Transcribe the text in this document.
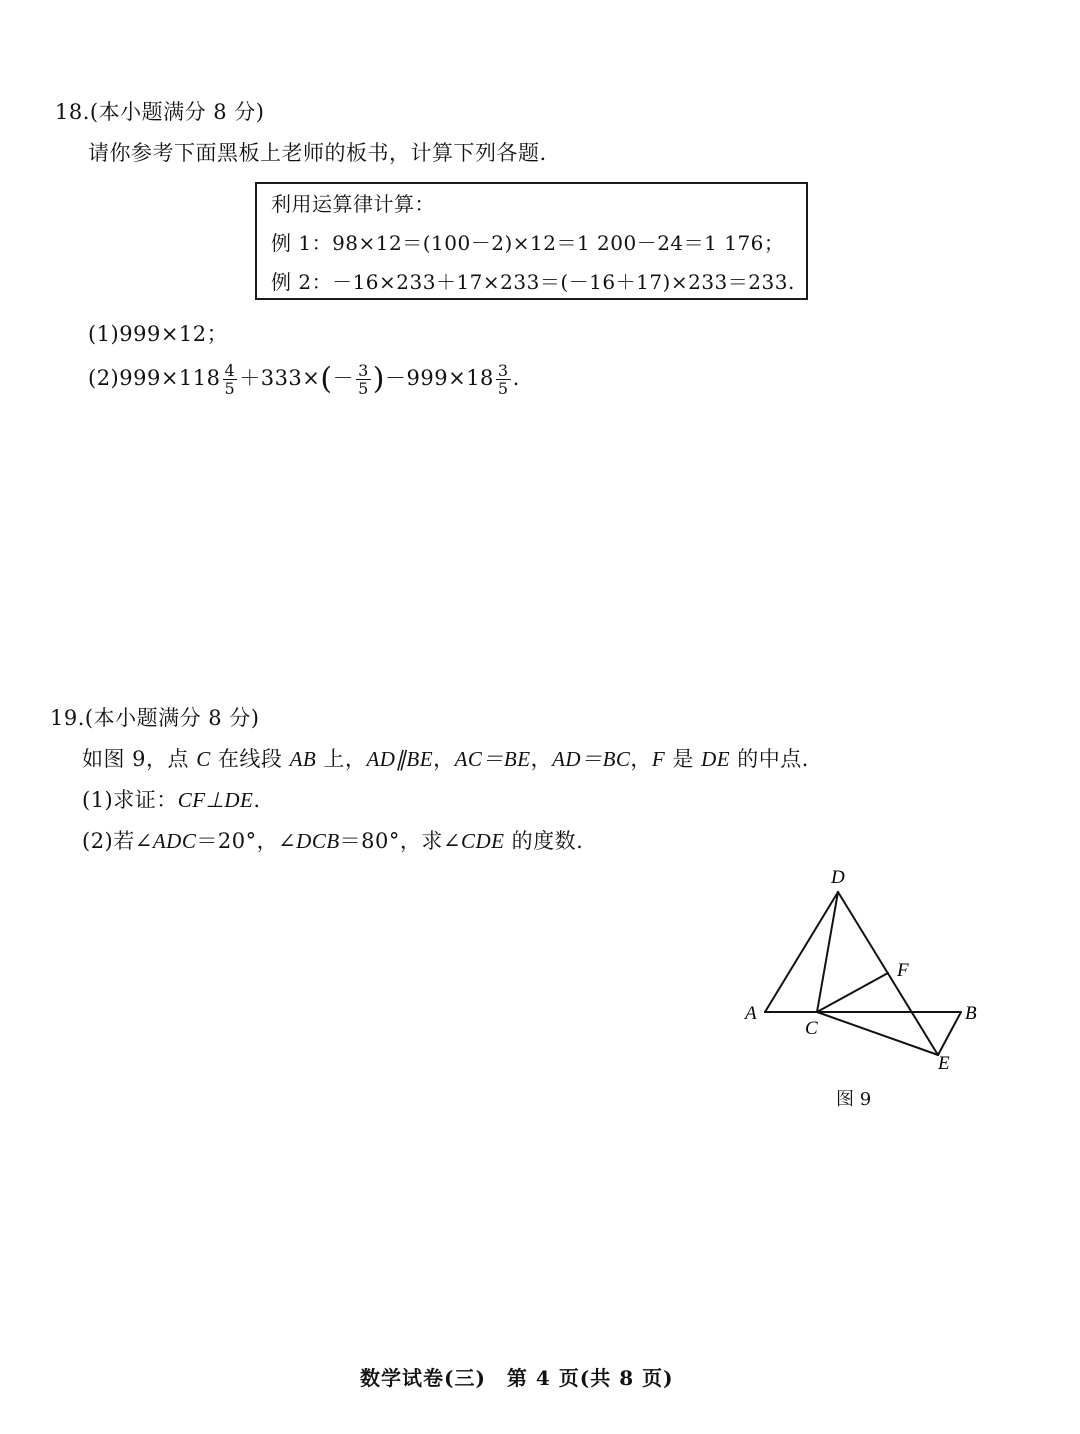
18.(本小题满分 8 分)
请你参考下面黑板上老师的板书，计算下列各题.
利用运算律计算：
例 1：98×12＝(100－2)×12＝1 200－24＝1 176；
例 2：－16×233＋17×233＝(－16＋17)×233＝233.
(1)999×12；
$(2)999\times 118 \frac{4}{5} +333\times(- \frac{3}{5} )-999\times 18 \frac{3}{5}$ .
19.(本小题满分 8 分)
如图 9，点 C 在线段 AB 上，AD∥BE，AC＝BE，AD＝BC，F 是 DE 的中点.
(1)求证：CF⊥DE.
(2)若∠ADC＝20°，∠DCB＝80°，求∠CDE 的度数.
D
F
A
C
B
E
图 9
数学试卷(三)　第 4 页(共 8 页)
